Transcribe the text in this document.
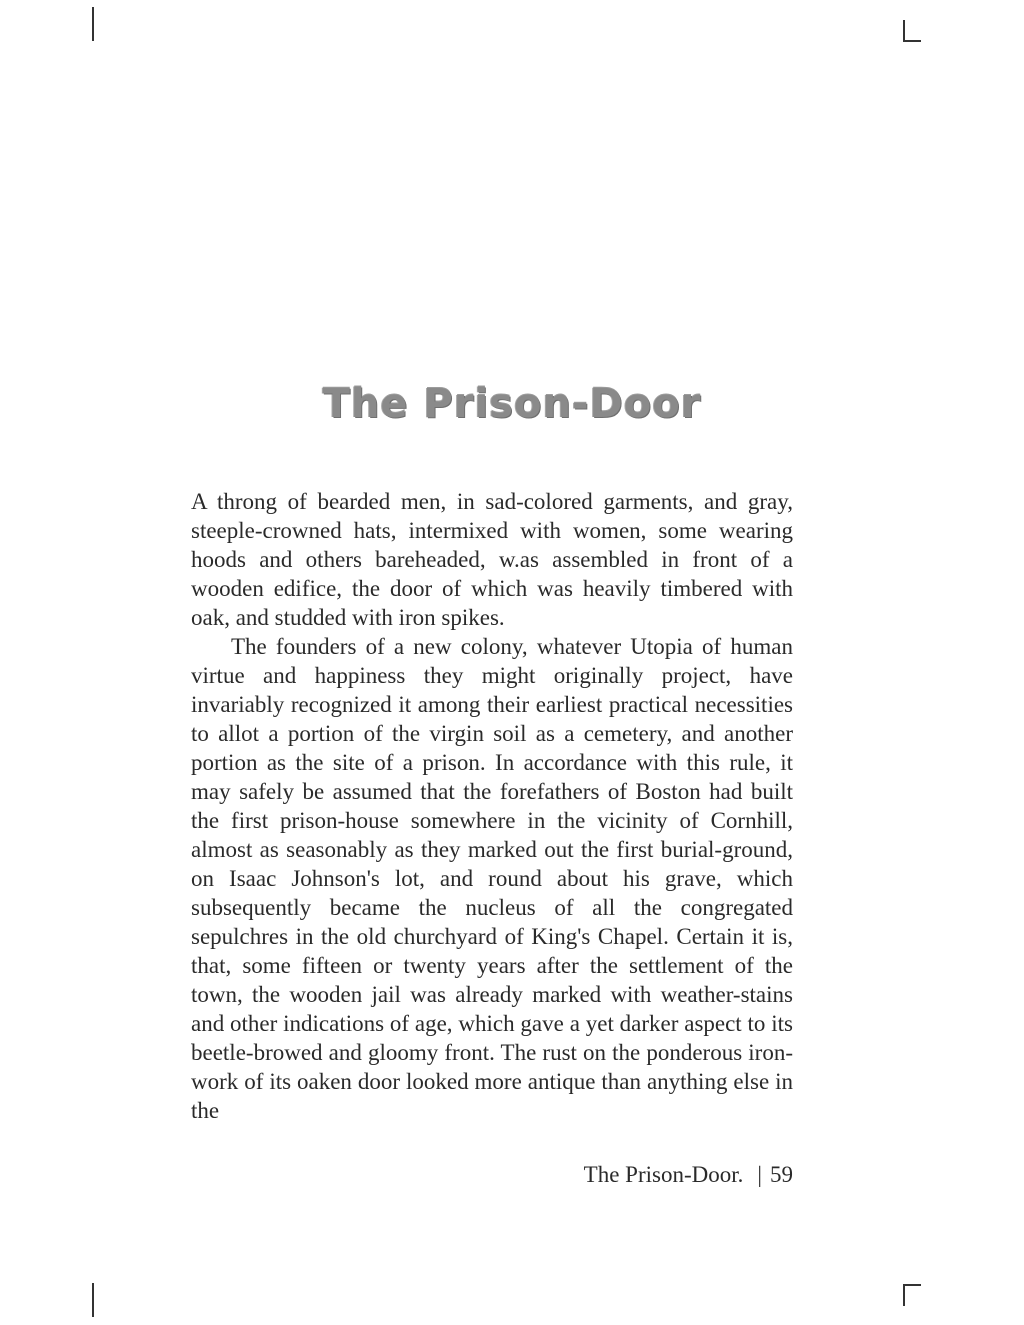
The Prison-Door

A throng of bearded men, in sad-colored garments, and gray, steeple-crowned hats, intermixed with women, some wearing hoods and others bareheaded, w.as assembled in front of a wooden edifice, the door of which was heavily timbered with oak, and studded with iron spikes.

The founders of a new colony, whatever Utopia of human virtue and happiness they might originally project, have invariably recognized it among their earliest practical necessities to allot a portion of the virgin soil as a cemetery, and another portion as the site of a prison. In accordance with this rule, it may safely be assumed that the forefathers of Boston had built the first prison-house somewhere in the vicinity of Cornhill, almost as seasonably as they marked out the first burial-ground, on Isaac Johnson's lot, and round about his grave, which subsequently became the nucleus of all the congregated sepulchres in the old churchyard of King's Chapel. Certain it is, that, some fifteen or twenty years after the settlement of the town, the wooden jail was already marked with weather-stains and other indications of age, which gave a yet darker aspect to its beetle-browed and gloomy front. The rust on the ponderous iron-work of its oaken door looked more antique than anything else in the

The Prison-Door. | 59
